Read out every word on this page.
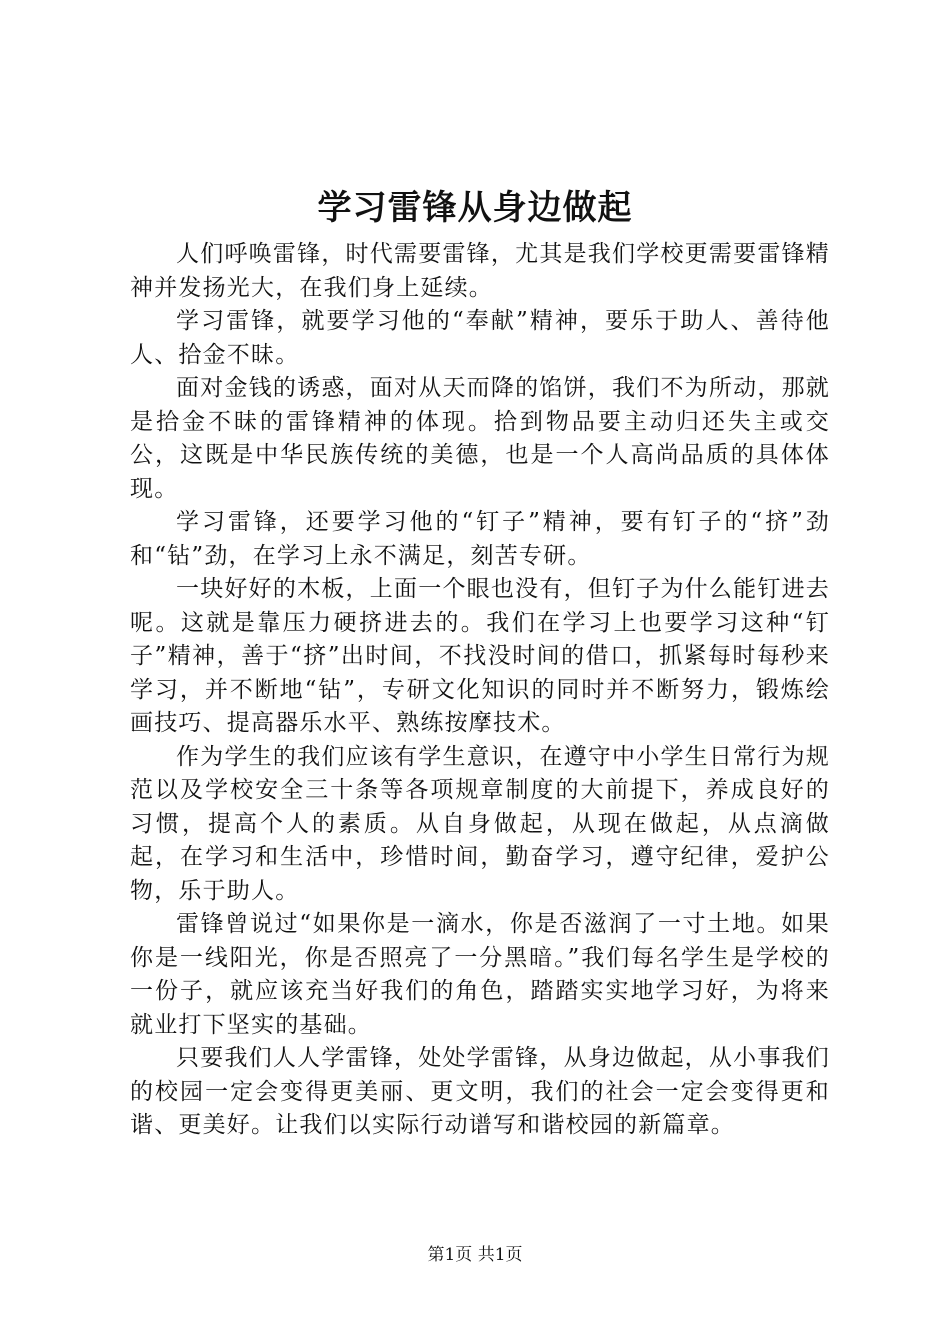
学习雷锋从身边做起

人们呼唤雷锋，时代需要雷锋，尤其是我们学校更需要雷锋精神并发扬光大，在我们身上延续。

学习雷锋，就要学习他的“奉献”精神，要乐于助人、善待他人、拾金不昧。

面对金钱的诱惑，面对从天而降的馅饼，我们不为所动，那就是拾金不昧的雷锋精神的体现。拾到物品要主动归还失主或交公，这既是中华民族传统的美德，也是一个人高尚品质的具体体现。

学习雷锋，还要学习他的“钉子”精神，要有钉子的“挤”劲和“钻”劲，在学习上永不满足，刻苦专研。

一块好好的木板，上面一个眼也没有，但钉子为什么能钉进去呢。这就是靠压力硬挤进去的。我们在学习上也要学习这种“钉子”精神，善于“挤”出时间，不找没时间的借口，抓紧每时每秒来学习，并不断地“钻”，专研文化知识的同时并不断努力，锻炼绘画技巧、提高器乐水平、熟练按摩技术。

作为学生的我们应该有学生意识，在遵守中小学生日常行为规范以及学校安全三十条等各项规章制度的大前提下，养成良好的习惯，提高个人的素质。从自身做起，从现在做起，从点滴做起，在学习和生活中，珍惜时间，勤奋学习，遵守纪律，爱护公物，乐于助人。

雷锋曾说过“如果你是一滴水，你是否滋润了一寸土地。如果你是一线阳光，你是否照亮了一分黑暗。”我们每名学生是学校的一份子，就应该充当好我们的角色，踏踏实实地学习好，为将来就业打下坚实的基础。

只要我们人人学雷锋，处处学雷锋，从身边做起，从小事我们的校园一定会变得更美丽、更文明，我们的社会一定会变得更和谐、更美好。让我们以实际行动谱写和谐校园的新篇章。

第1页 共1页
